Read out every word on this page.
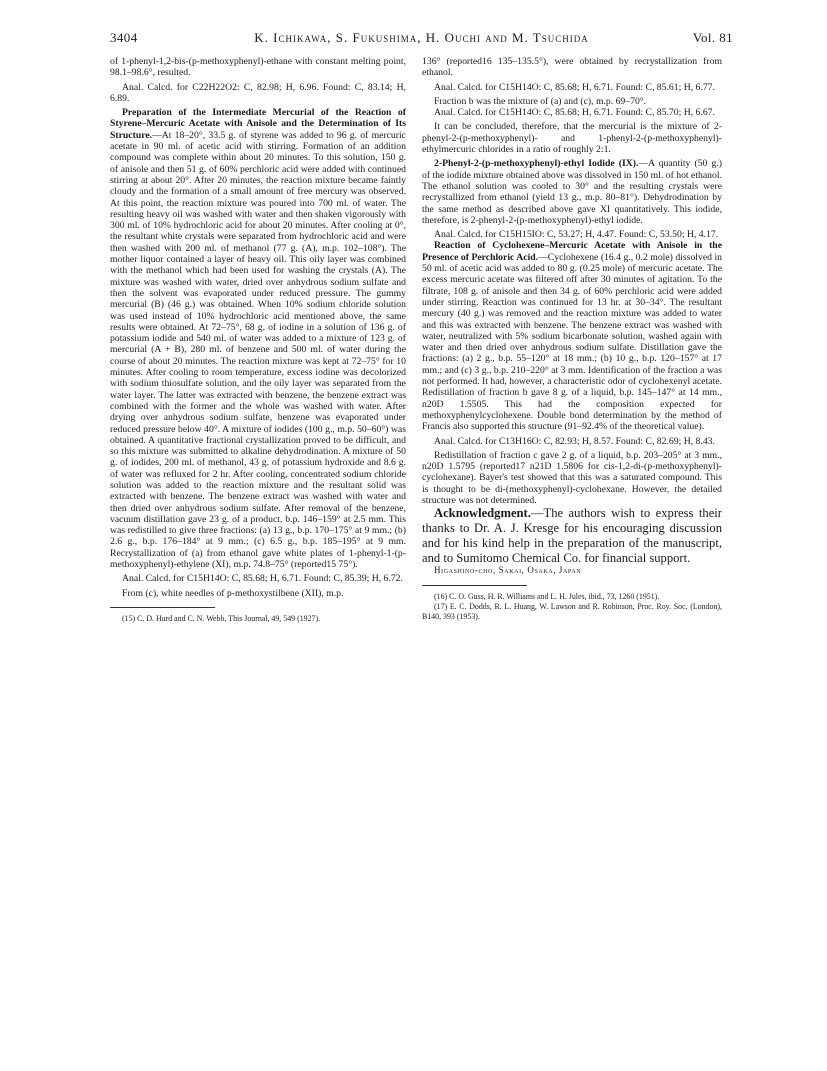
3404	K. Ichikawa, S. Fukushima, H. Ouchi and M. Tsuchida	Vol. 81

of 1-phenyl-1,2-bis-(p-methoxyphenyl)-ethane with constant melting point, 98.1–98.6°, resulted.

Anal. Calcd. for C22H22O2: C, 82.98; H, 6.96. Found: C, 83.14; H, 6.89.

Preparation of the Intermediate Mercurial of the Reaction of Styrene–Mercuric Acetate with Anisole and the Determination of Its Structure.—At 18–20°, 33.5 g. of styrene was added to 96 g. of mercuric acetate in 90 ml. of acetic acid with stirring. Formation of an addition compound was complete within about 20 minutes. To this solution, 150 g. of anisole and then 51 g. of 60% perchloric acid were added with continued stirring at about 20°. After 20 minutes, the reaction mixture became faintly cloudy and the formation of a small amount of free mercury was observed. At this point, the reaction mixture was poured into 700 ml. of water. The resulting heavy oil was washed with water and then shaken vigorously with 300 ml. of 10% hydrochloric acid for about 20 minutes. After cooling at 0°, the resultant white crystals were separated from hydrochloric acid and were then washed with 200 ml. of methanol (77 g. (A), m.p. 102–108°). The mother liquor contained a layer of heavy oil. This oily layer was combined with the methanol which had been used for washing the crystals (A). The mixture was washed with water, dried over anhydrous sodium sulfate and then the solvent was evaporated under reduced pressure. The gummy mercurial (B) (46 g.) was obtained. When 10% sodium chloride solution was used instead of 10% hydrochloric acid mentioned above, the same results were obtained. At 72–75°, 68 g. of iodine in a solution of 136 g. of potassium iodide and 540 ml. of water was added to a mixture of 123 g. of mercurial (A + B), 280 ml. of benzene and 500 ml. of water during the course of about 20 minutes. The reaction mixture was kept at 72–75° for 10 minutes. After cooling to room temperature, excess iodine was decolorized with sodium thiosulfate solution, and the oily layer was separated from the water layer. The latter was extracted with benzene, the benzene extract was combined with the former and the whole was washed with water. After drying over anhydrous sodium sulfate, benzene was evaporated under reduced pressure below 40°. A mixture of iodides (100 g., m.p. 50–60°) was obtained. A quantitative fractional crystallization proved to be difficult, and so this mixture was submitted to alkaline dehydrodination. A mixture of 50 g. of iodides, 200 ml. of methanol, 43 g. of potassium hydroxide and 8.6 g. of water was refluxed for 2 hr. After cooling, concentrated sodium chloride solution was added to the reaction mixture and the resultant solid was extracted with benzene. The benzene extract was washed with water and then dried over anhydrous sodium sulfate. After removal of the benzene, vacuum distillation gave 23 g. of a product, b.p. 146–159° at 2.5 mm. This was redistilled to give three fractions: (a) 13 g., b.p. 170–175° at 9 mm.; (b) 2.6 g., b.p. 176–184° at 9 mm.; (c) 6.5 g., b.p. 185–195° at 9 mm. Recrystallization of (a) from ethanol gave white plates of 1-phenyl-1-(p-methoxyphenyl)-ethylene (XI), m.p. 74.8–75° (reported15 75°).

Anal. Calcd. for C15H14O: C, 85.68; H, 6.71. Found: C, 85.39; H, 6.72.

From (c), white needles of p-methoxystilbene (XII), m.p.

(15) C. D. Hurd and C. N. Webb, This Journal, 49, 549 (1927).

136° (reported16 135–135.5°), were obtained by recrystallization from ethanol.

Anal. Calcd. for C15H14O: C, 85.68; H, 6.71. Found: C, 85.61; H, 6.77.

Fraction b was the mixture of (a) and (c), m.p. 69–70°.

Anal. Calcd. for C15H14O: C, 85.68; H, 6.71. Found: C, 85.70; H, 6.67.

It can be concluded, therefore, that the mercurial is the mixture of 2-phenyl-2-(p-methoxyphenyl)- and 1-phenyl-2-(p-methoxyphenyl)-ethylmercuric chlorides in a ratio of roughly 2:1.

2-Phenyl-2-(p-methoxyphenyl)-ethyl Iodide (IX).—A quantity (50 g.) of the iodide mixture obtained above was dissolved in 150 ml. of hot ethanol. The ethanol solution was cooled to 30° and the resulting crystals were recrystallized from ethanol (yield 13 g., m.p. 80–81°). Dehydrodination by the same method as described above gave XI quantitatively. This iodide, therefore, is 2-phenyl-2-(p-methoxyphenyl)-ethyl iodide.

Anal. Calcd. for C15H15IO: C, 53.27; H, 4.47. Found: C, 53.50; H, 4.17.

Reaction of Cyclohexene–Mercuric Acetate with Anisole in the Presence of Perchloric Acid.—Cyclohexene (16.4 g., 0.2 mole) dissolved in 50 ml. of acetic acid was added to 80 g. (0.25 mole) of mercuric acetate. The excess mercuric acetate was filtered off after 30 minutes of agitation. To the filtrate, 108 g. of anisole and then 34 g. of 60% perchloric acid were added under stirring. Reaction was continued for 13 hr. at 30–34°. The resultant mercury (40 g.) was removed and the reaction mixture was added to water and this was extracted with benzene. The benzene extract was washed with water, neutralized with 5% sodium bicarbonate solution, washed again with water and then dried over anhydrous sodium sulfate. Distillation gave the fractions: (a) 2 g., b.p. 55–120° at 18 mm.; (b) 10 g., b.p. 120–157° at 17 mm.; and (c) 3 g., b.p. 210–220° at 3 mm. Identification of the fraction a was not performed. It had, however, a characteristic odor of cyclohexenyl acetate. Redistillation of fraction b gave 8 g. of a liquid, b.p. 145–147° at 14 mm., n20D 1.5505. This had the composition expected for methoxyphenylcyclohexene. Double bond determination by the method of Francis also supported this structure (91–92.4% of the theoretical value).

Anal. Calcd. for C13H16O: C, 82.93; H, 8.57. Found: C, 82.69; H, 8.43.

Redistillation of fraction c gave 2 g. of a liquid, b.p. 203–205° at 3 mm., n20D 1.5795 (reported17 n21D 1.5806 for cis-1,2-di-(p-methoxyphenyl)-cyclohexane). Bayer's test showed that this was a saturated compound. This is thought to be di-(methoxyphenyl)-cyclohexane. However, the detailed structure was not determined.

Acknowledgment.—The authors wish to express their thanks to Dr. A. J. Kresge for his encouraging discussion and for his kind help in the preparation of the manuscript, and to Sumitomo Chemical Co. for financial support.

Higashino-cho, Sakai, Osaka, Japan

(16) C. O. Guss, H. R. Williams and L. H. Jules, ibid., 73, 1260 (1951).

(17) E. C. Dodds, R. L. Huang, W. Lawson and R. Robinson, Proc. Roy. Soc. (London), B140, 393 (1953).
